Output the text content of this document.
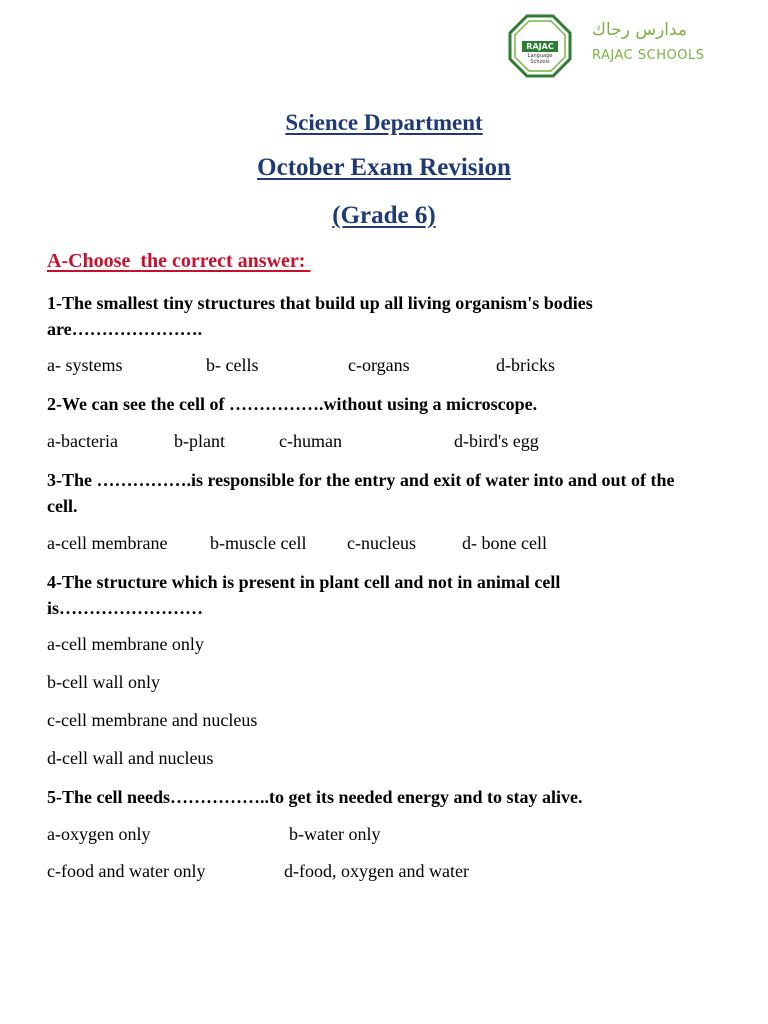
RAJAC
Language Schools
مدارس رجاك
RAJAC SCHOOLS
Science Department
October Exam Revision
(Grade 6)
A-Choose  the correct answer:
1-The smallest tiny structures that build up all living organism's bodies are………………….
a- systems	b- cells	c-organs	d-bricks
2-We can see the cell of …………….without using a microscope.
a-bacteria	b-plant	c-human	d-bird's egg
3-The …………….is responsible for the entry and exit of water into and out of the cell.
a-cell membrane b-muscle cell c-nucleus	d- bone cell
4-The structure which is present in plant cell and not in animal cell is……………………
a-cell membrane only
b-cell wall only
c-cell membrane and nucleus
d-cell wall and nucleus
5-The cell needs……………..to get its needed energy and to stay alive.
a-oxygen only	b-water only
c-food and water only	d-food, oxygen and water
